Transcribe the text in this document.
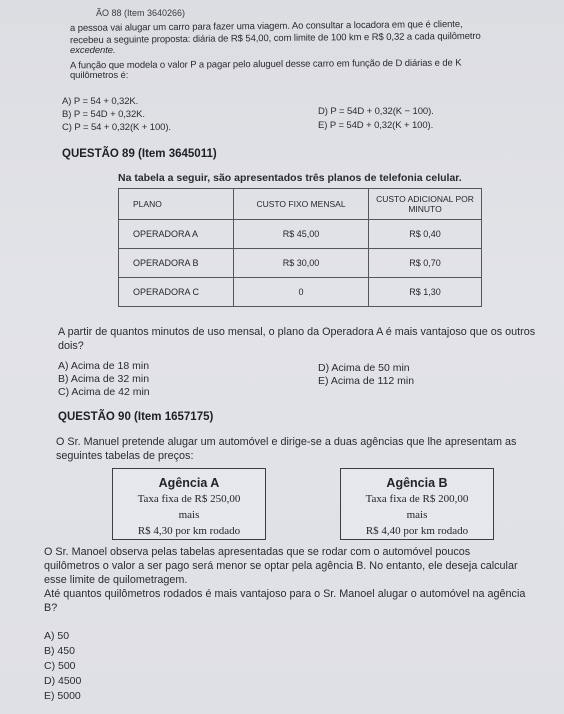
ÃO 88 (Item 3640266)
a pessoa vai alugar um carro para fazer uma viagem. Ao consultar a locadora em que é cliente,
recebeu a seguinte proposta: diária de R$ 54,00, com limite de 100 km e R$ 0,32 a cada quilômetro
excedente.
A função que modela o valor P a pagar pelo aluguel desse carro em função de D diárias e de K
quilômetros é:
A) P = 54 + 0,32K.
B) P = 54D + 0,32K.
C) P = 54 + 0,32(K + 100).
D) P = 54D + 0,32(K − 100).
E) P = 54D + 0,32(K + 100).
QUESTÃO 89 (Item 3645011)
Na tabela a seguir, são apresentados três planos de telefonia celular.
PLANO	CUSTO FIXO MENSAL	CUSTO ADICIONAL POR MINUTO
OPERADORA A	R$ 45,00	R$ 0,40
OPERADORA B	R$ 30,00	R$ 0,70
OPERADORA C	0	R$ 1,30
A partir de quantos minutos de uso mensal, o plano da Operadora A é mais vantajoso que os outros
dois?
A) Acima de 18 min
B) Acima de 32 min
C) Acima de 42 min
D) Acima de 50 min
E) Acima de 112 min
QUESTÃO 90 (Item 1657175)
O Sr. Manuel pretende alugar um automóvel e dirige-se a duas agências que lhe apresentam as
seguintes tabelas de preços:
Agência A
Taxa fixa de R$ 250,00
mais
R$ 4,30 por km rodado
Agência B
Taxa fixa de R$ 200,00
mais
R$ 4,40 por km rodado
O Sr. Manoel observa pelas tabelas apresentadas que se rodar com o automóvel poucos
quilômetros o valor a ser pago será menor se optar pela agência B. No entanto, ele deseja calcular
esse limite de quilometragem.
Até quantos quilômetros rodados é mais vantajoso para o Sr. Manoel alugar o automóvel na agência
B?
A) 50
B) 450
C) 500
D) 4500
E) 5000
